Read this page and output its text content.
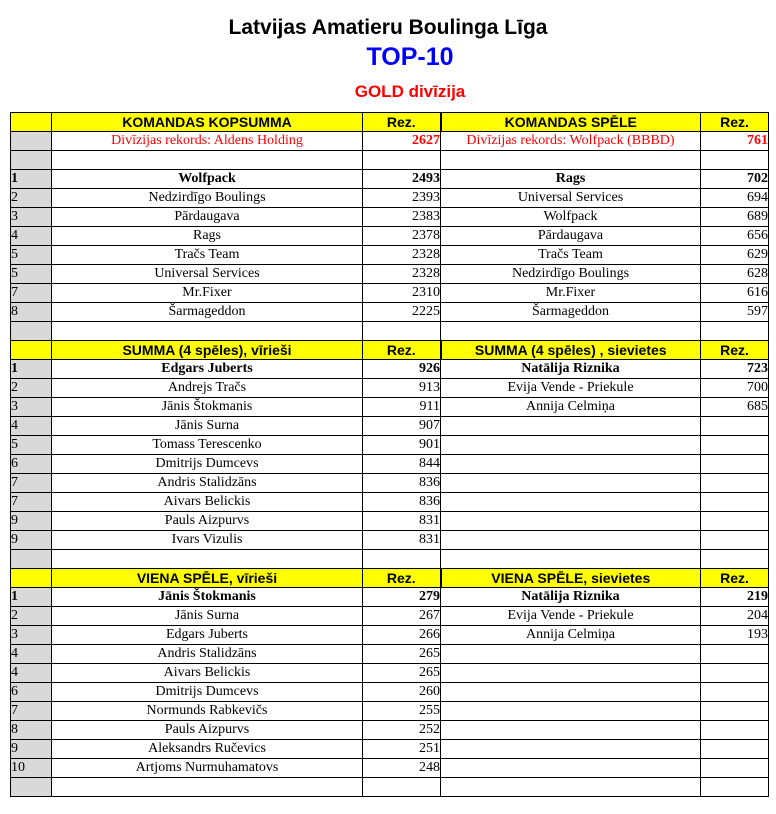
Latvijas Amatieru Boulinga Līga
TOP-10
GOLD divīzija
	KOMANDAS KOPSUMMA	Rez.	KOMANDAS SPĒLE	Rez.
	Divīzijas rekords: Aldens Holding	2627	Divīzijas rekords: Wolfpack (BBBD)	761

1	Wolfpack	2493	Rags	702
2	Nedzirdīgo Boulings	2393	Universal Services	694
3	Pārdaugava	2383	Wolfpack	689
4	Rags	2378	Pārdaugava	656
5	Tračs Team	2328	Tračs Team	629
5	Universal Services	2328	Nedzirdīgo Boulings	628
7	Mr.Fixer	2310	Mr.Fixer	616
8	Šarmageddon	2225	Šarmageddon	597

	SUMMA (4 spēles), vīrieši	Rez.	SUMMA (4 spēles) , sievietes	Rez.
1	Edgars Juberts	926	Natālija Riznika	723
2	Andrejs Tračs	913	Evija Vende - Priekule	700
3	Jānis Štokmanis	911	Annija Celmiņa	685
4	Jānis Surna	907		
5	Tomass Terescenko	901		
6	Dmitrijs Dumcevs	844		
7	Andris Stalidzāns	836		
7	Aivars Belickis	836		
9	Pauls Aizpurvs	831		
9	Ivars Vizulis	831		

	VIENA SPĒLE, vīrieši	Rez.	VIENA SPĒLE, sievietes	Rez.
1	Jānis Štokmanis	279	Natālija Riznika	219
2	Jānis Surna	267	Evija Vende - Priekule	204
3	Edgars Juberts	266	Annija Celmiņa	193
4	Andris Stalidzāns	265		
4	Aivars Belickis	265		
6	Dmitrijs Dumcevs	260		
7	Normunds Rabkevičs	255		
8	Pauls Aizpurvs	252		
9	Aleksandrs Ručevics	251		
10	Artjoms Nurmuhamatovs	248		
